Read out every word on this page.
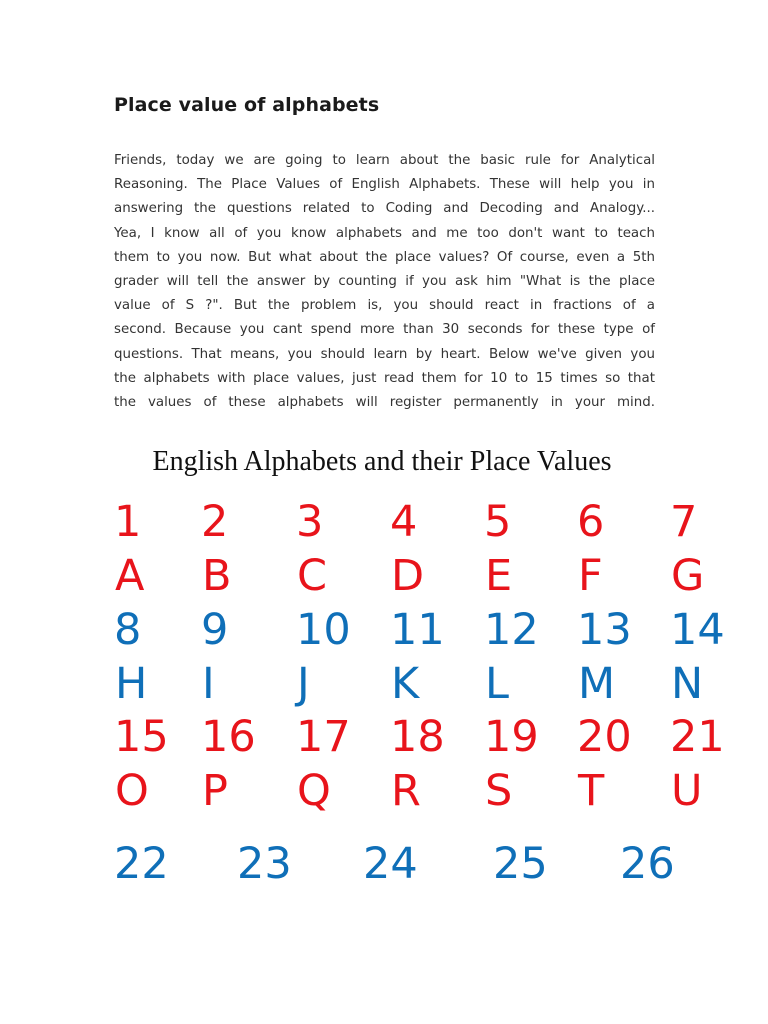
Place value of alphabets
Friends, today we are going to learn about the basic rule for Analytical
Reasoning. The Place Values of English Alphabets. These will help you in
answering the questions related to Coding and Decoding and Analogy...
Yea, I know all of you know alphabets and me too don't want to teach
them to you now. But what about the place values? Of course, even a 5th
grader will tell the answer by counting if you ask him "What is the place
value of S ?". But the problem is, you should react in fractions of a
second. Because you cant spend more than 30 seconds for these type of
questions. That means, you should learn by heart. Below we've given you
the alphabets with place values, just read them for 10 to 15 times so that
the values of these alphabets will register permanently in your mind.
English Alphabets and their Place Values
1 2 3 4 5 6 7
A B C D E F G
8 9 10 11 12 13 14
H I J K L M N
15 16 17 18 19 20 21
O P Q R S T U
22 23 24 25 26
